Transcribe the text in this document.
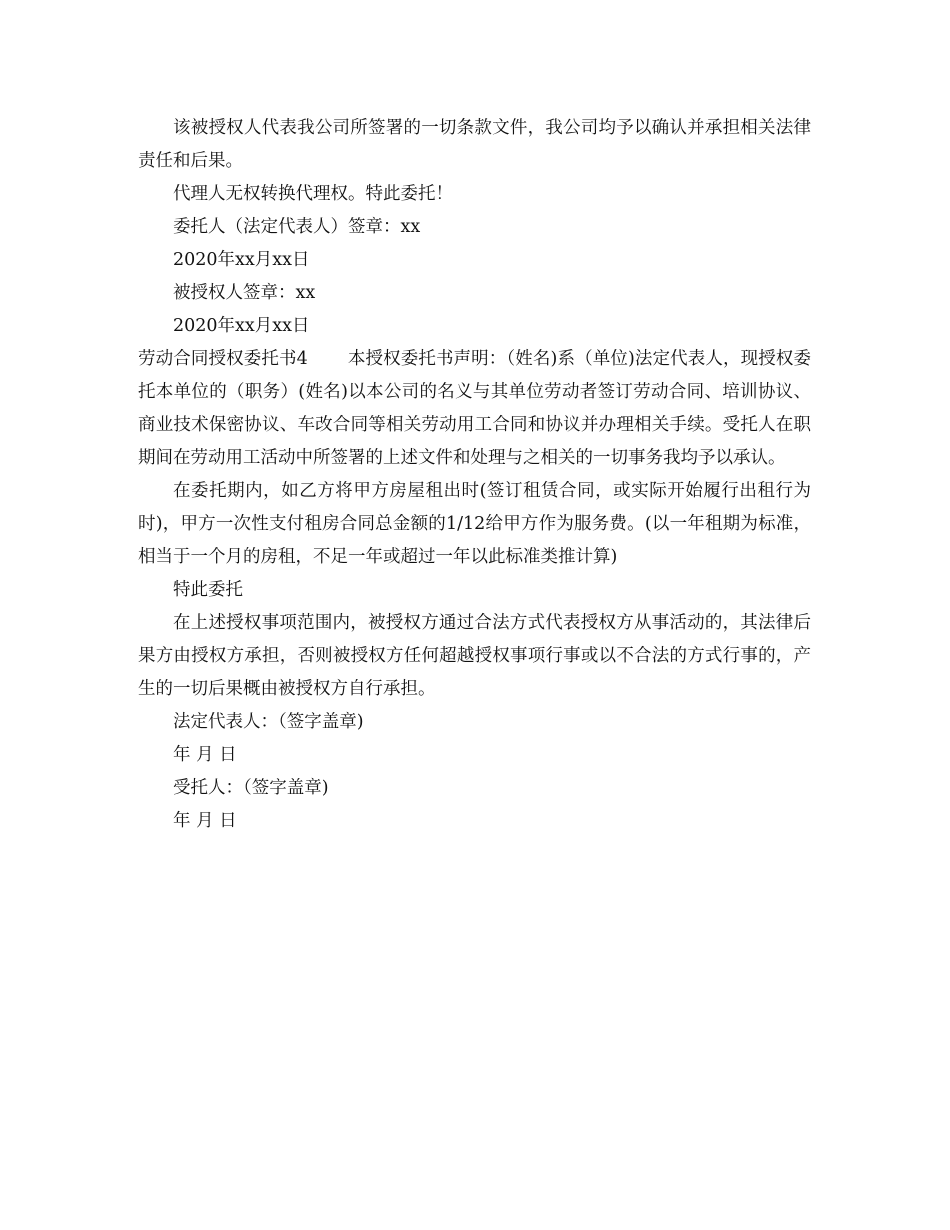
该被授权人代表我公司所签署的一切条款文件，我公司均予以确认并承担相关法律责任和后果。

代理人无权转换代理权。特此委托！

委托人（法定代表人）签章：xx

2020年xx月xx日

被授权人签章：xx

2020年xx月xx日

劳动合同授权委托书4 本授权委托书声明：（姓名)系（单位)法定代表人，现授权委托本单位的（职务）(姓名)以本公司的名义与其单位劳动者签订劳动合同、培训协议、商业技术保密协议、车改合同等相关劳动用工合同和协议并办理相关手续。受托人在职期间在劳动用工活动中所签署的上述文件和处理与之相关的一切事务我均予以承认。

在委托期内，如乙方将甲方房屋租出时(签订租赁合同，或实际开始履行出租行为时)，甲方一次性支付租房合同总金额的1/12给甲方作为服务费。(以一年租期为标准，相当于一个月的房租，不足一年或超过一年以此标准类推计算)

特此委托

在上述授权事项范围内，被授权方通过合法方式代表授权方从事活动的，其法律后果方由授权方承担，否则被授权方任何超越授权事项行事或以不合法的方式行事的，产生的一切后果概由被授权方自行承担。

法定代表人：（签字盖章)

年 月 日

受托人：（签字盖章)

年 月 日
